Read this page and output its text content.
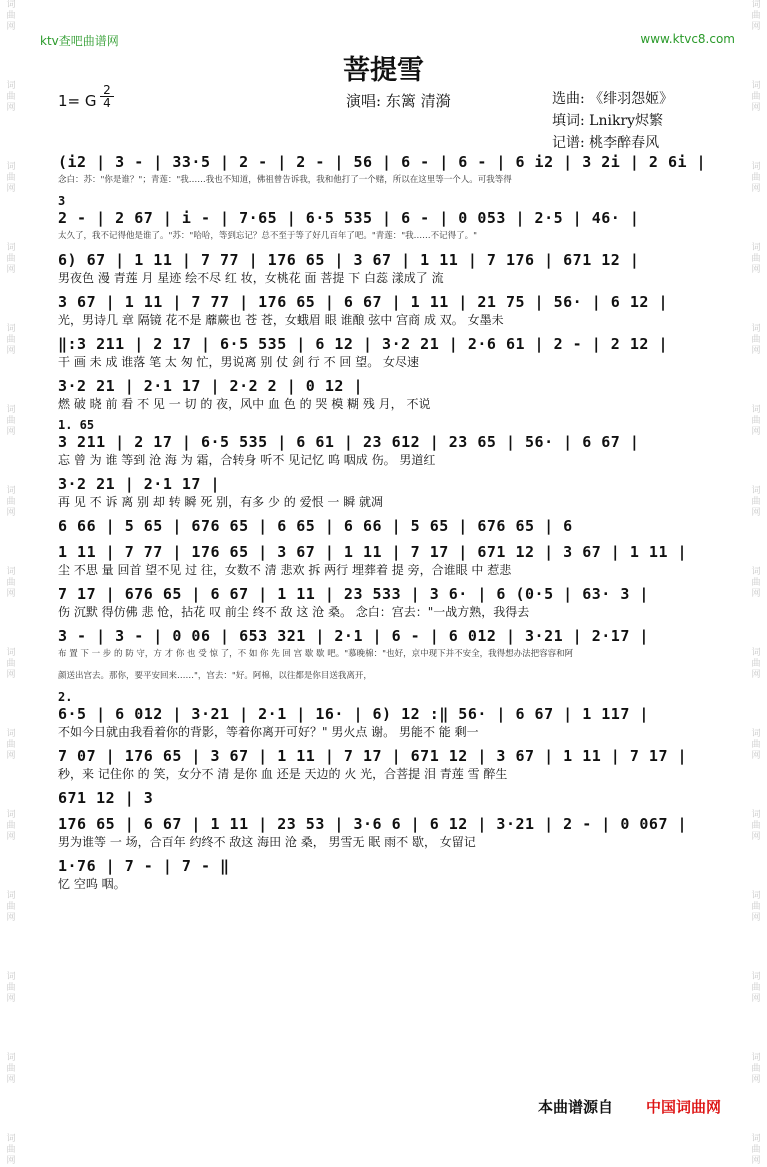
词
曲
网
词
曲
网
词
曲
网
词
曲
网
词
曲
网
词
曲
网
词
曲
网
词
曲
网
词
曲
网
词
曲
网
词
曲
网
词
曲
网
词
曲
网
词
曲
网
词
曲
网
词
曲
网
词
曲
网
词
曲
网
词
曲
网
词
曲
网
词
曲
网
词
曲
网
词
曲
网
词
曲
网
词
曲
网
词
曲
网
词
曲
网
词
曲
网
词
曲
网
词
曲
网
ktv查吧曲谱网	www.ktvc8.com
菩提雪
1= G
2
4	演唱: 东篱 清漪	选曲: 《绯羽怨姬》
填词: Lnikry烬繁
记谱: 桃李醉春风
(i2 | 3 - | 33·5 | 2 - | 2 - | 56 | 6 - | 6 - | 6 i2 | 3 2i | 2 6i |
念白：苏："你是谁？"；青莲："我……我也不知道，佛祖曾告诉我，我和他打了一个赌，所以在这里等一个人。可我等得
3
2 - | 2 67 | i - | 7·65 | 6·5 535 | 6 - | 0 053 | 2·5 | 46· |
太久了，我不记得他是谁了。"苏："哈哈，等到忘记？总不至于等了好几百年了吧。"青莲："我……不记得了。"
6) 67 | 1 11 | 7 77 | 176 65 | 3 67 | 1 11 | 7 176 | 671 12 |
男夜色 漫 青莲 月 星迹 绘不尽 红 妆，女桃花 面 菩提 下 白蕊 漾成了 流
3 67 | 1 11 | 7 77 | 176 65 | 6 67 | 1 11 | 21 75 | 56· | 6 12 |
光，男诗几 章 隔镜 花不是 蘼蕨也 苍 苍，女蛾眉 眼 谁酿 弦中 宫商 成 双。 女墨未
‖:3 211 | 2 17 | 6·5 535 | 6 12 | 3·2 21 | 2·6 61 | 2 - | 2 12 |
干 画 未 成 谁落 笔 太 匆 忙，男说离 别 仗 剑 行 不 回 望。 女尽速
3·2 21 | 2·1 17 | 2·2 2 | 0 12 |
燃 破 晓 前 看 不 见 一 切 的 夜，风中 血 色 的 哭 模 糊 残 月， 不说
1. 65
3 211 | 2 17 | 6·5 535 | 6 61 | 23 612 | 23 65 | 56· | 6 67 |
忘 曾 为 谁 等到 沧 海 为 霜，合转身 听不 见记忆 呜 咽成 伤。 男道红
3·2 21 | 2·1 17 |
再 见 不 诉 离 别 却 转 瞬 死 别，有多 少 的 爱恨 一 瞬 就凋
6 66 | 5 65 | 676 65 | 6 65 | 6 66 | 5 65 | 676 65 | 6
1 11 | 7 77 | 176 65 | 3 67 | 1 11 | 7 17 | 671 12 | 3 67 | 1 11 |
尘 不思 量 回首 望不见 过 往，女数不 清 悲欢 拆 两行 埋葬着 提 旁，合谁眼 中 惹悲
7 17 | 676 65 | 6 67 | 1 11 | 23 533 | 3 6· | 6 (0·5 | 63· 3 |
伤 沉默 得仿佛 悲 怆，拈花 叹 前尘 终不 敌 这 沧 桑。 念白：宫去："一战方熟，我得去
3 - | 3 - | 0 06 | 653 321 | 2·1 | 6 - | 6 012 | 3·21 | 2·17 |
布 置 下 一 步 的 防 守，方 才 你 也 受 惊 了，不 如 你 先 回 宫 歇 歇 吧。"慕晚棉："也好，京中现下并不安全，我得想办法把容容和阿
颜送出宫去。那你，要平安回来……"，宫去："好。阿棉，以往都是你目送我离开，
2.
6·5 | 6 012 | 3·21 | 2·1 | 16· | 6) 12 :‖ 56· | 6 67 | 1 117 |
不如今日就由我看着你的背影，等着你离开可好？" 男火点 谢。 男能不 能 剩一
7 07 | 176 65 | 3 67 | 1 11 | 7 17 | 671 12 | 3 67 | 1 11 | 7 17 |
秒，来 记住你 的 笑，女分不 清 是你 血 还是 天边的 火 光，合菩提 泪 青莲 雪 醉生
671 12 | 3
176 65 | 6 67 | 1 11 | 23 53 | 3·6 6 | 6 12 | 3·21 | 2 - | 0 067 |
男为谁等 一 场，合百年 约终不 敌这 海田 沧 桑， 男雪无 眠 雨不 歇， 女留记
1·76 | 7 - | 7 - ‖
忆 空呜 咽。
本曲谱源自 中国词曲网
